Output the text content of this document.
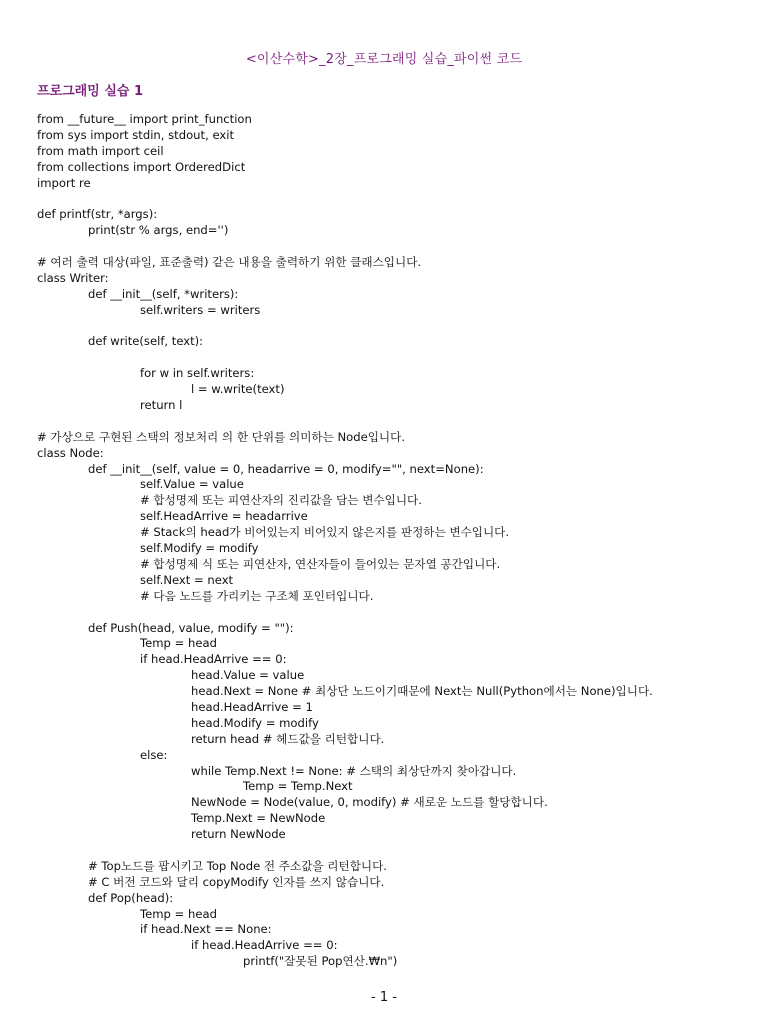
<이산수학>_2장_프로그래밍 실습_파이썬 코드
프로그래밍 실습 1
from __future__ import print_function
from sys import stdin, stdout, exit
from math import ceil
from collections import OrderedDict
import re
def printf(str, *args):
print(str % args, end='')
# 여러 출력 대상(파일, 표준출력) 같은 내용을 출력하기 위한 클래스입니다.
class Writer:
def __init__(self, *writers):
self.writers = writers
def write(self, text):
for w in self.writers:
l = w.write(text)
return l
# 가상으로 구현된 스택의 정보처리 의 한 단위를 의미하는 Node입니다.
class Node:
def __init__(self, value = 0, headarrive = 0, modify="", next=None):
self.Value = value
# 합성명제 또는 피연산자의 진리값을 담는 변수입니다.
self.HeadArrive = headarrive
# Stack의 head가 비어있는지 비어있지 않은지를 판정하는 변수입니다.
self.Modify = modify
# 합성명제 식 또는 피연산자, 연산자들이 들어있는 문자열 공간입니다.
self.Next = next
# 다음 노드를 가리키는 구조체 포인터입니다.
def Push(head, value, modify = ""):
Temp = head
if head.HeadArrive == 0:
head.Value = value
head.Next = None # 최상단 노드이기때문에 Next는 Null(Python에서는 None)입니다.
head.HeadArrive = 1
head.Modify = modify
return head # 헤드값을 리턴합니다.
else:
while Temp.Next != None: # 스택의 최상단까지 찾아갑니다.
Temp = Temp.Next
NewNode = Node(value, 0, modify) # 새로운 노드를 할당합니다.
Temp.Next = NewNode
return NewNode
# Top노드를 팝시키고 Top Node 전 주소값을 리턴합니다.
# C 버전 코드와 달리 copyModify 인자를 쓰지 않습니다.
def Pop(head):
Temp = head
if head.Next == None:
if head.HeadArrive == 0:
printf("잘못된 Pop연산.₩n")
- 1 -
